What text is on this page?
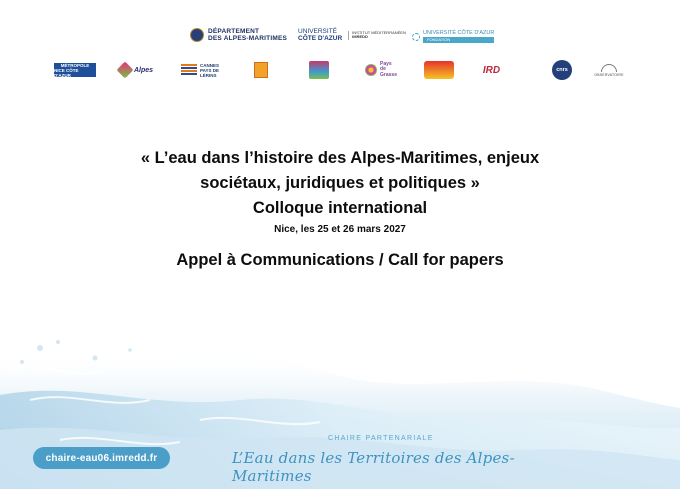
DÉPARTEMENT
DES ALPES-MARITIMES
UNIVERSITÉ
CÔTE D'AZUR
INSTITUT MÉDITERRANÉEN
IMREDD
UNIVERSITÉ CÔTE D'AZUR
FONDATION
MÉTROPOLE
NICE CÔTE D'AZUR
Alpes
CANNES
PAYS DE
LÉRINS
Pays
de
Grasse	IRD	cnrs
OBSERVATOIRE

« L’eau dans l’histoire des Alpes-Maritimes, enjeux

sociétaux, juridiques et politiques »

Colloque international

Nice, les 25 et 26 mars 2027

Appel à Communications / Call for papers

chaire-eau06.imredd.fr
CHAIRE PARTENARIALE
L’Eau dans les Territoires des Alpes-Maritimes
